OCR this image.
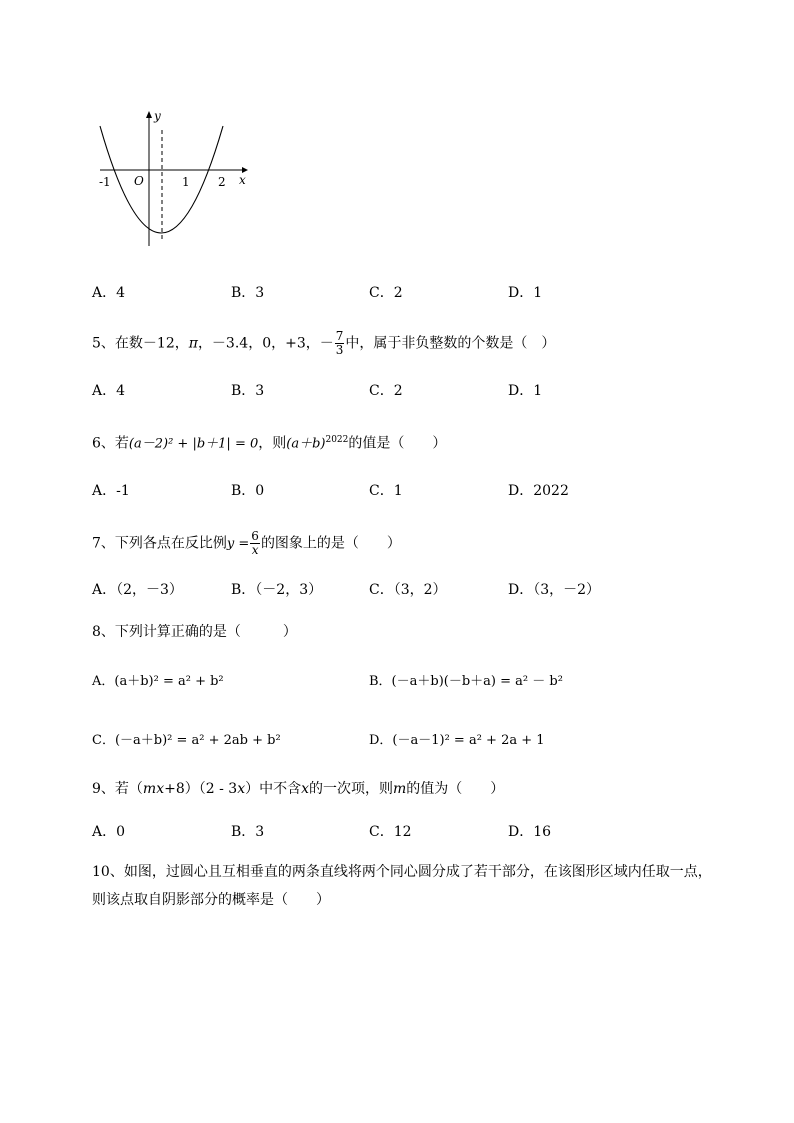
y
x
O
-1	1 2
A．4	B．3	C．2	D．1
5、在数－12，π，－3.4，0，+3，－ $\frac{7}{3}$ 中，属于非负整数的个数是（　）
A．4	B．3	C．2	D．1
6、若(a－2)² + |b＋1| = 0，则$(a+b)^{2022}$的值是（　　）
A．-1	B．0	C．1	D．2022
7、下列各点在反比例$y = \frac{6}{x}$ 的图象上的是（　　）
A．（2，－3）	B．（－2，3）	C．（3，2）	D．（3，－2）
8、下列计算正确的是（　　　）
A．(a＋b)² = a² + b²	B．(－a＋b)(－b＋a) = a² － b²
C．(－a＋b)² = a² + 2ab + b²	D．(－a－1)² = a² + 2a + 1
9、若（mx+8）（2 - 3x）中不含x的一次项，则m的值为（　　）
A．0	B．3	C．12	D．16
10、如图，过圆心且互相垂直的两条直线将两个同心圆分成了若干部分，在该图形区域内任取一点，
则该点取自阴影部分的概率是（　　）
